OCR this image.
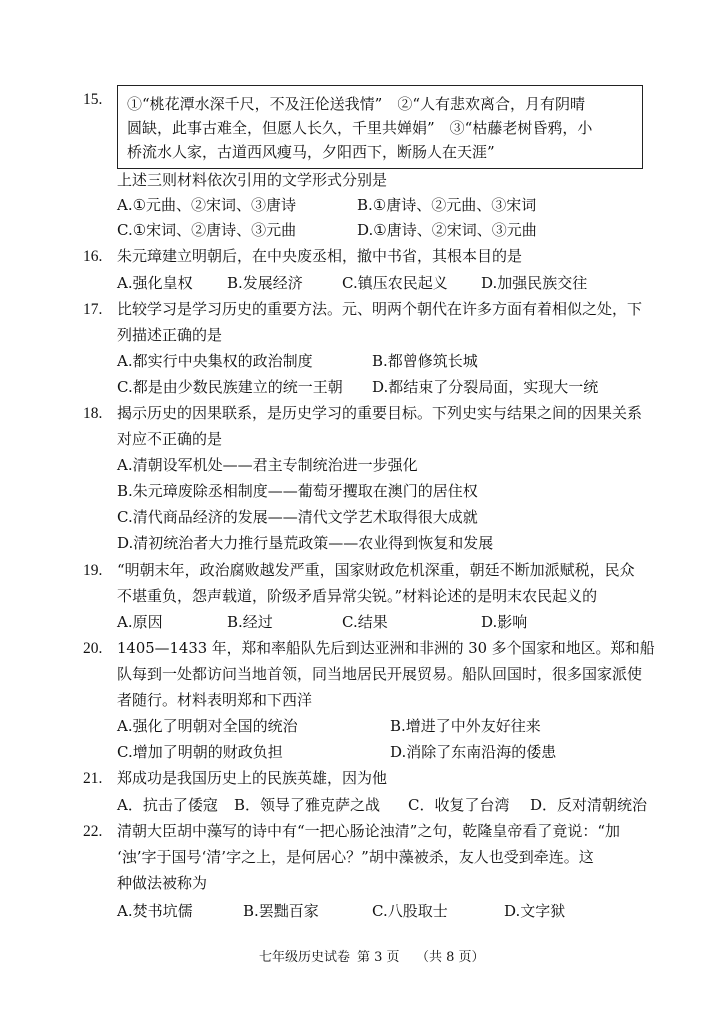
15. ①“桃花潭水深千尺，不及汪伦送我情”　②“人有悲欢离合，月有阴晴
圆缺，此事古难全，但愿人长久，千里共婵娟”　③“枯藤老树昏鸦，小
桥流水人家，古道西风瘦马，夕阳西下，断肠人在天涯”
上述三则材料依次引用的文学形式分别是
A.①元曲、②宋词、③唐诗	B.①唐诗、②元曲、③宋词
C.①宋词、②唐诗、③元曲	D.①唐诗、②宋词、③元曲
16. 朱元璋建立明朝后，在中央废丞相，撤中书省，其根本目的是
A.强化皇权 B.发展经济	C.镇压农民起义 D.加强民族交往
17. 比较学习是学习历史的重要方法。元、明两个朝代在许多方面有着相似之处，下
列描述正确的是
A.都实行中央集权的政治制度	B.都曾修筑长城
C.都是由少数民族建立的统一王朝 D.都结束了分裂局面，实现大一统
18. 揭示历史的因果联系，是历史学习的重要目标。下列史实与结果之间的因果关系
对应不正确的是
A.清朝设军机处——君主专制统治进一步强化
B.朱元璋废除丞相制度——葡萄牙攫取在澳门的居住权
C.清代商品经济的发展——清代文学艺术取得很大成就
D.清初统治者大力推行垦荒政策——农业得到恢复和发展
19. “明朝末年，政治腐败越发严重，国家财政危机深重，朝廷不断加派赋税，民众
不堪重负，怨声载道，阶级矛盾异常尖锐。”材料论述的是明末农民起义的
A.原因	B.经过	C.结果	D.影响
20. 1405—1433 年，郑和率船队先后到达亚洲和非洲的 30 多个国家和地区。郑和船
队每到一处都访问当地首领，同当地居民开展贸易。船队回国时，很多国家派使
者随行。材料表明郑和下西洋
A.强化了明朝对全国的统治	B.增进了中外友好往来
C.增加了明朝的财政负担	D.消除了东南沿海的倭患
21. 郑成功是我国历史上的民族英雄，因为他
A．抗击了倭寇 B．领导了雅克萨之战 C．收复了台湾 D．反对清朝统治
22. 清朝大臣胡中藻写的诗中有“一把心肠论浊清”之句，乾隆皇帝看了竟说：“加
‘浊’字于国号‘清’字之上，是何居心？”胡中藻被杀，友人也受到牵连。这
种做法被称为
A.焚书坑儒	B.罢黜百家	C.八股取士	D.文字狱
七年级历史试卷 第 3 页 （共 8 页）
